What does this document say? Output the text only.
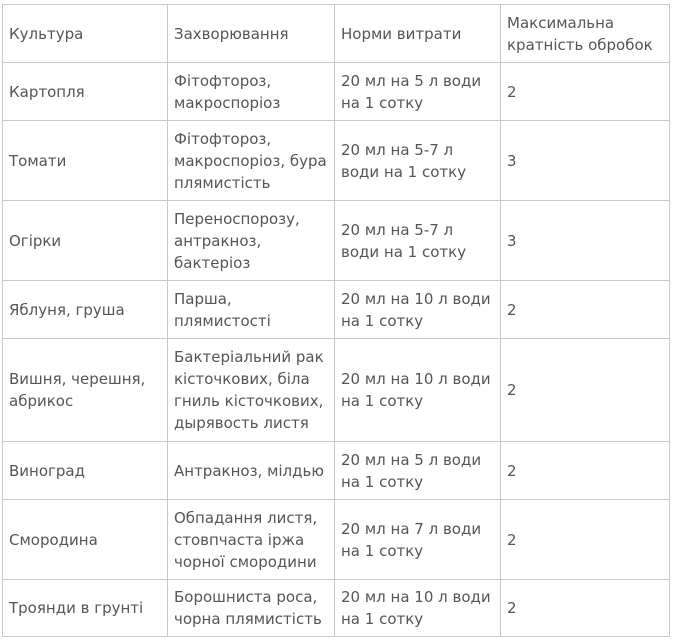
Культура	Захворювання	Норми витрати	Максимальна кратність обробок
Картопля	Фітофтороз, макроспоріоз	20 мл на 5 л води на 1 сотку	2
Томати	Фітофтороз, макроспоріоз, бура плямистість	20 мл на 5-7 л води на 1 сотку	3
Огірки	Переноспорозу, антракноз, бактеріоз	20 мл на 5-7 л води на 1 сотку	3
Яблуня, груша	Парша, плямистості	20 мл на 10 л води на 1 сотку	2
Вишня, черешня, абрикос	Бактеріальний рак кісточкових, біла гниль кісточкових, дырявость листя	20 мл на 10 л води на 1 сотку	2
Виноград	Антракноз, мілдью	20 мл на 5 л води на 1 сотку	2
Смородина	Обпадання листя, стовпчаста іржа чорної смородини	20 мл на 7 л води на 1 сотку	2
Троянди в грунті	Борошниста роса, чорна плямистість	20 мл на 10 л води на 1 сотку	2
